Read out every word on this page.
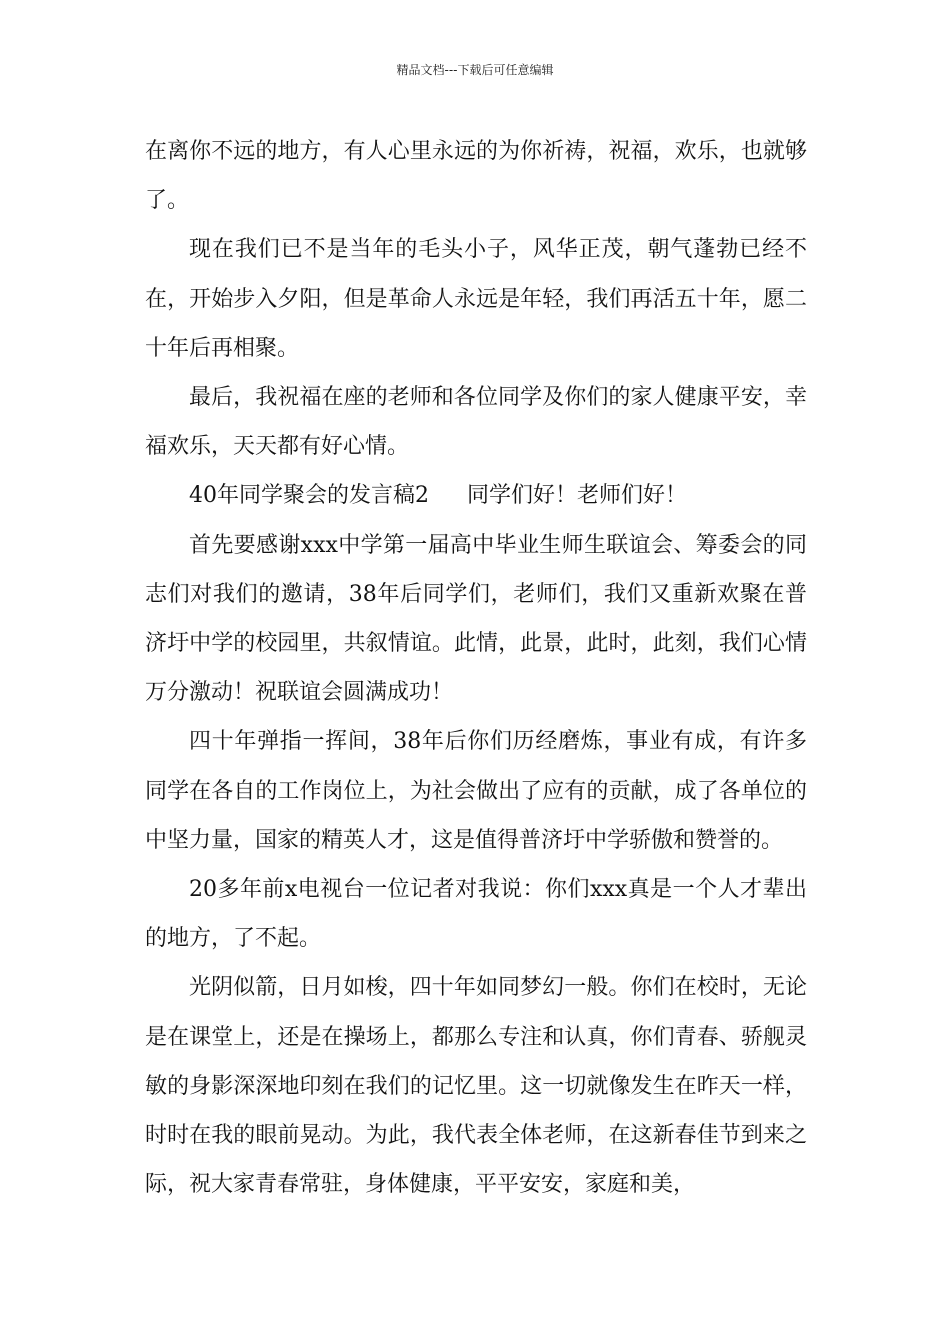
精品文档---下载后可任意编辑

在离你不远的地方，有人心里永远的为你祈祷，祝福，欢乐，也就够了。

现在我们已不是当年的毛头小子，风华正茂，朝气蓬勃已经不在，开始步入夕阳，但是革命人永远是年轻，我们再活五十年，愿二十年后再相聚。

最后，我祝福在座的老师和各位同学及你们的家人健康平安，幸福欢乐，天天都有好心情。

40年同学聚会的发言稿2 同学们好！老师们好！

首先要感谢xxx中学第一届高中毕业生师生联谊会、筹委会的同志们对我们的邀请，38年后同学们，老师们，我们又重新欢聚在普济圩中学的校园里，共叙情谊。此情，此景，此时，此刻，我们心情万分激动！祝联谊会圆满成功！

四十年弹指一挥间，38年后你们历经磨炼，事业有成，有许多同学在各自的工作岗位上，为社会做出了应有的贡献，成了各单位的中坚力量，国家的精英人才，这是值得普济圩中学骄傲和赞誉的。

20多年前x电视台一位记者对我说：你们xxx真是一个人才辈出的地方，了不起。

光阴似箭，日月如梭，四十年如同梦幻一般。你们在校时，无论是在课堂上，还是在操场上，都那么专注和认真，你们青春、骄舰灵敏的身影深深地印刻在我们的记忆里。这一切就像发生在昨天一样，时时在我的眼前晃动。为此，我代表全体老师，在这新春佳节到来之际，祝大家青春常驻，身体健康，平平安安，家庭和美，
